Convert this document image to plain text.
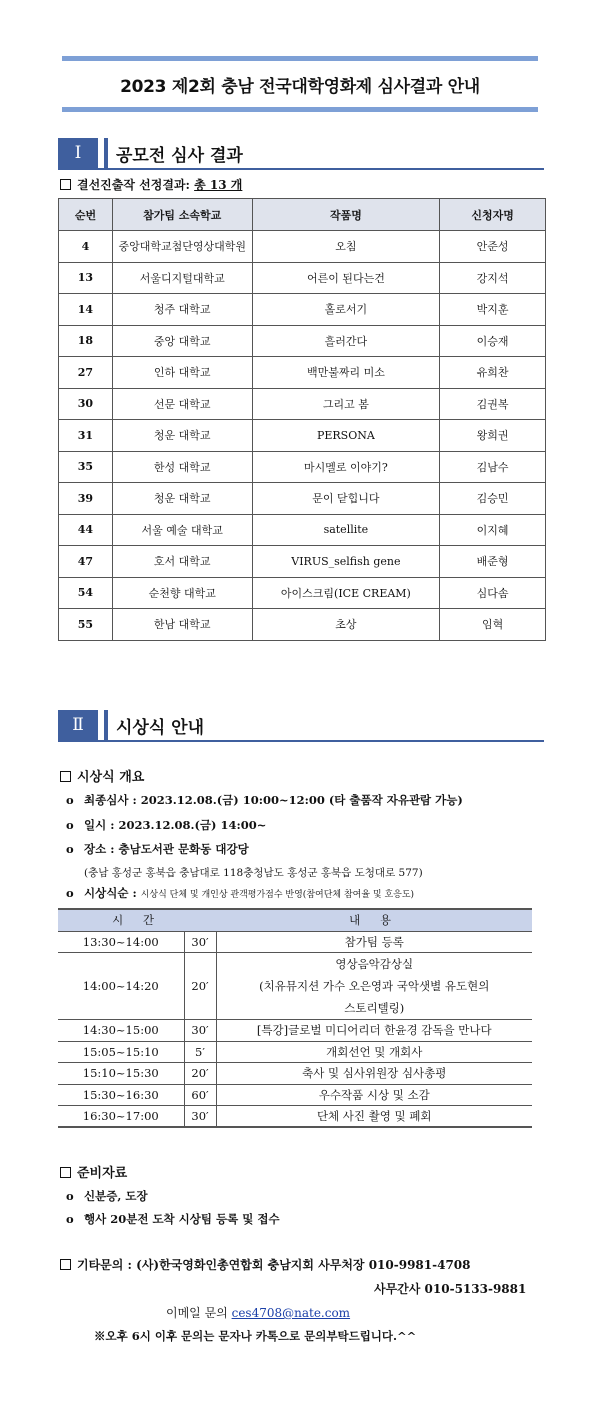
2023 제2회 충남 전국대학영화제 심사결과 안내
Ⅰ	공모전 심사 결과
결선진출작 선정결과: 총 13 개
순번	참가팀 소속학교	작품명	신청자명
4	중앙대학교첨단영상대학원	오침	안준성
13	서울디지털대학교	어른이 된다는건	강지석
14	청주 대학교	홀로서기	박지훈
18	중앙 대학교	흘러간다	이승재
27	인하 대학교	백만불짜리 미소	유희찬
30	선문 대학교	그리고 봄	김권복
31	청운 대학교	PERSONA	왕희권
35	한성 대학교	마시멜로 이야기?	김남수
39	청운 대학교	문이 닫힙니다	김승민
44	서울 예술 대학교	satellite	이지혜
47	호서 대학교	VIRUS_selfish gene	배준형
54	순천향 대학교	아이스크림(ICE CREAM)	심다솜
55	한남 대학교	초상	임혁
Ⅱ	시상식 안내
시상식 개요
o 최종심사 : 2023.12.08.(금) 10:00~12:00 (타 출품작 자유관람 가능)
o 일시 : 2023.12.08.(금) 14:00~
o 장소 : 충남도서관 문화동 대강당
(충남 홍성군 홍북읍 충남대로 118충청남도 홍성군 홍북읍 도청대로 577)
o 시상식순 : 시상식 단체 및 개인상 관객평가점수 반영(참여단체 참여율 및 호응도)
시 간		내 용
13:30~14:00	30′	참가팀 등록

14:00~14:20	20′	영상음악감상실
(치유뮤지션 가수 오은영과 국악샛별 유도현의
스토리텔링)

14:30~15:00	30′	[특강]글로벌 미디어리더 한윤경 감독을 만나다

15:05~15:10	5′	개회선언 및 개회사

15:10~15:30	20′	축사 및 심사위원장 심사총평

15:30~16:30	60′	우수작품 시상 및 소감

16:30~17:00	30′	단체 사진 촬영 및 폐회
준비자료
o 신분증, 도장
o 행사 20분전 도착 시상팀 등록 및 접수
기타문의 : (사)한국영화인총연합회 충남지회 사무처장 010-9981-4708
사무간사 010-5133-9881
이메일 문의 ces4708@nate.com
※오후 6시 이후 문의는 문자나 카톡으로 문의부탁드립니다.^^
